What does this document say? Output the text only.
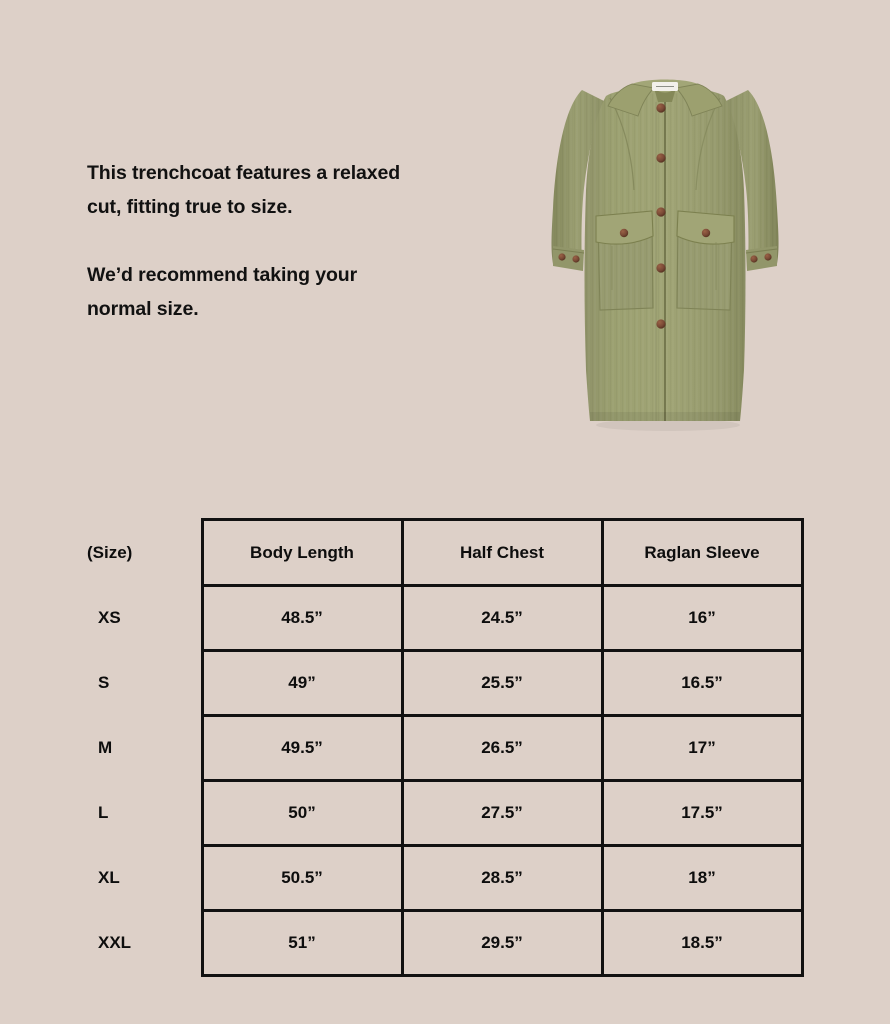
This trenchcoat features a relaxed cut, fitting true to size.

We’d recommend taking your normal size.

(Size)	Body Length	Half Chest	Raglan Sleeve
XS	48.5”	24.5”	16”
S	49”	25.5”	16.5”
M	49.5”	26.5”	17”
L	50”	27.5”	17.5”
XL	50.5”	28.5”	18”
XXL	51”	29.5”	18.5”
